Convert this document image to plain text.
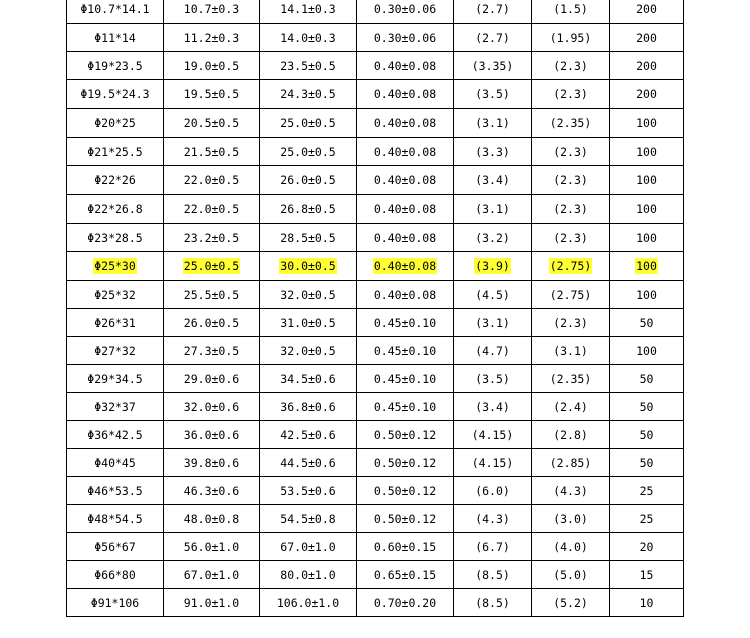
Φ10.7*14.1	10.7±0.3	14.1±0.3	0.30±0.06	(2.7)	(1.5)	200
Φ11*14	11.2±0.3	14.0±0.3	0.30±0.06	(2.7)	(1.95)	200
Φ19*23.5	19.0±0.5	23.5±0.5	0.40±0.08	(3.35)	(2.3)	200
Φ19.5*24.3	19.5±0.5	24.3±0.5	0.40±0.08	(3.5)	(2.3)	200
Φ20*25	20.5±0.5	25.0±0.5	0.40±0.08	(3.1)	(2.35)	100
Φ21*25.5	21.5±0.5	25.0±0.5	0.40±0.08	(3.3)	(2.3)	100
Φ22*26	22.0±0.5	26.0±0.5	0.40±0.08	(3.4)	(2.3)	100
Φ22*26.8	22.0±0.5	26.8±0.5	0.40±0.08	(3.1)	(2.3)	100
Φ23*28.5	23.2±0.5	28.5±0.5	0.40±0.08	(3.2)	(2.3)	100
Φ25*30	25.0±0.5	30.0±0.5	0.40±0.08	(3.9)	(2.75)	100
Φ25*32	25.5±0.5	32.0±0.5	0.40±0.08	(4.5)	(2.75)	100
Φ26*31	26.0±0.5	31.0±0.5	0.45±0.10	(3.1)	(2.3)	50
Φ27*32	27.3±0.5	32.0±0.5	0.45±0.10	(4.7)	(3.1)	100
Φ29*34.5	29.0±0.6	34.5±0.6	0.45±0.10	(3.5)	(2.35)	50
Φ32*37	32.0±0.6	36.8±0.6	0.45±0.10	(3.4)	(2.4)	50
Φ36*42.5	36.0±0.6	42.5±0.6	0.50±0.12	(4.15)	(2.8)	50
Φ40*45	39.8±0.6	44.5±0.6	0.50±0.12	(4.15)	(2.85)	50
Φ46*53.5	46.3±0.6	53.5±0.6	0.50±0.12	(6.0)	(4.3)	25
Φ48*54.5	48.0±0.8	54.5±0.8	0.50±0.12	(4.3)	(3.0)	25
Φ56*67	56.0±1.0	67.0±1.0	0.60±0.15	(6.7)	(4.0)	20
Φ66*80	67.0±1.0	80.0±1.0	0.65±0.15	(8.5)	(5.0)	15
Φ91*106	91.0±1.0	106.0±1.0	0.70±0.20	(8.5)	(5.2)	10
